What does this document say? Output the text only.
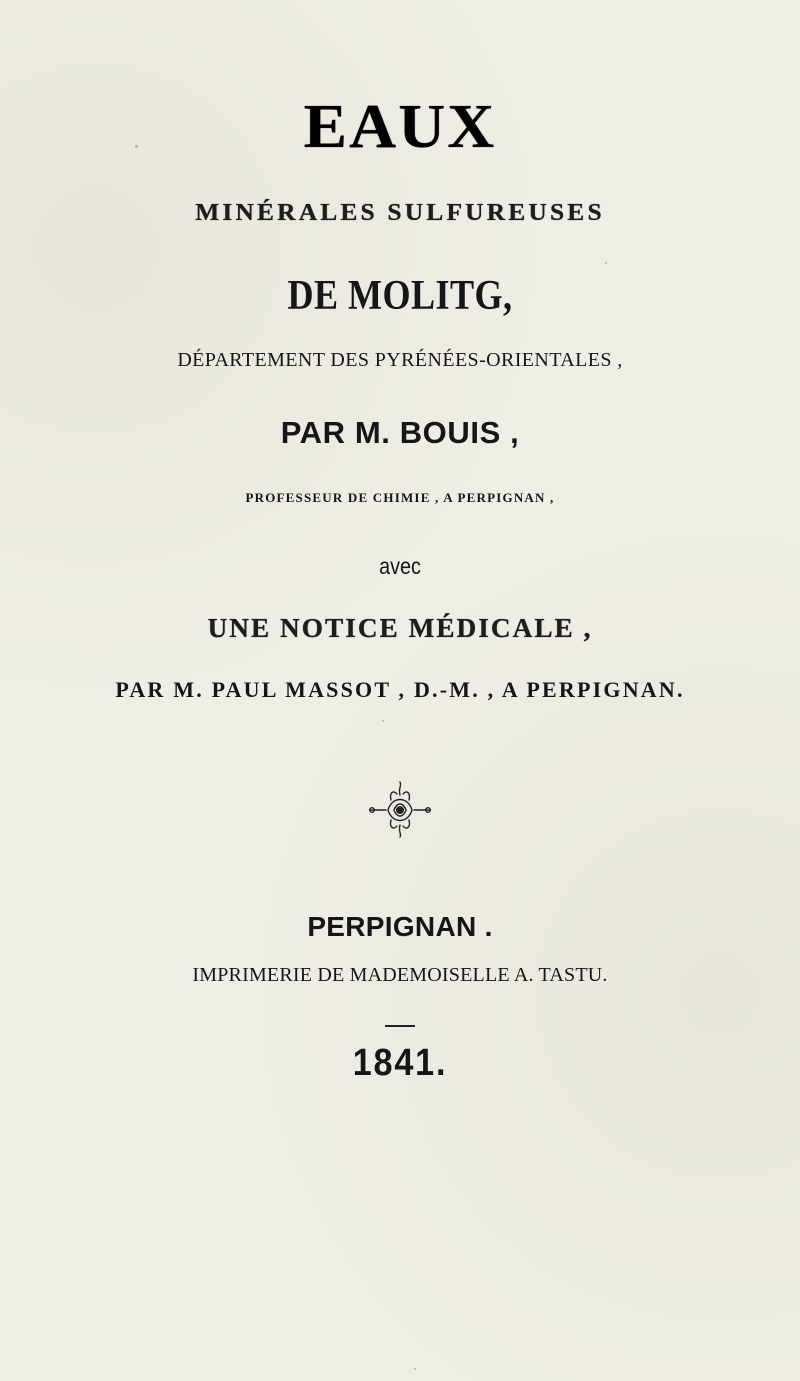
EAUX
MINÉRALES SULFUREUSES
DE MOLITG,
DÉPARTEMENT DES PYRÉNÉES-ORIENTALES ,
PAR M. BOUIS ,
PROFESSEUR DE CHIMIE , A PERPIGNAN ,
avec
UNE NOTICE MÉDICALE ,
PAR M. PAUL MASSOT , D.-M. , A PERPIGNAN.
PERPIGNAN .
IMPRIMERIE DE MADEMOISELLE A. TASTU.
1841.
